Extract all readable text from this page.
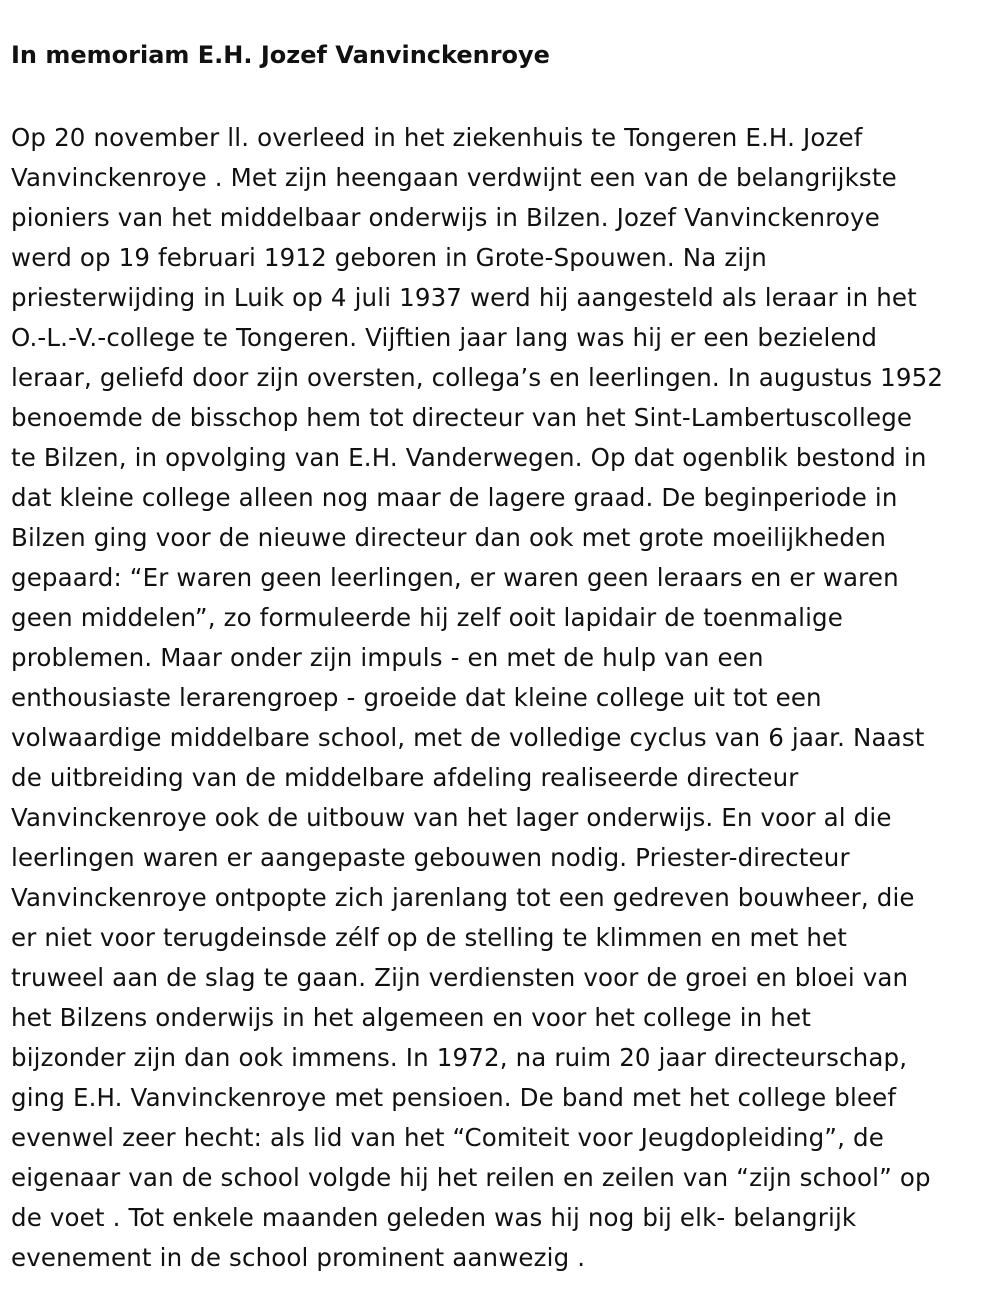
In memoriam E.H. Jozef Vanvinckenroye
Op 20 november ll. overleed in het ziekenhuis te Tongeren E.H. Jozef
Vanvinckenroye . Met zijn heengaan verdwijnt een van de belangrijkste
pioniers van het middelbaar onderwijs in Bilzen. Jozef Vanvinckenroye
werd op 19 februari 1912 geboren in Grote-Spouwen. Na zijn
priesterwijding in Luik op 4 juli 1937 werd hij aangesteld als leraar in het
O.-L.-V.-college te Tongeren. Vijftien jaar lang was hij er een bezielend
leraar, geliefd door zijn oversten, collega’s en leerlingen. In augustus 1952
benoemde de bisschop hem tot directeur van het Sint-Lambertuscollege
te Bilzen, in opvolging van E.H. Vanderwegen. Op dat ogenblik bestond in
dat kleine college alleen nog maar de lagere graad. De beginperiode in
Bilzen ging voor de nieuwe directeur dan ook met grote moeilijkheden
gepaard: “Er waren geen leerlingen, er waren geen leraars en er waren
geen middelen”, zo formuleerde hij zelf ooit lapidair de toenmalige
problemen. Maar onder zijn impuls - en met de hulp van een
enthousiaste lerarengroep - groeide dat kleine college uit tot een
volwaardige middelbare school, met de volledige cyclus van 6 jaar. Naast
de uitbreiding van de middelbare afdeling realiseerde directeur
Vanvinckenroye ook de uitbouw van het lager onderwijs. En voor al die
leerlingen waren er aangepaste gebouwen nodig. Priester-directeur
Vanvinckenroye ontpopte zich jarenlang tot een gedreven bouwheer, die
er niet voor terugdeinsde zélf op de stelling te klimmen en met het
truweel aan de slag te gaan. Zijn verdiensten voor de groei en bloei van
het Bilzens onderwijs in het algemeen en voor het college in het
bijzonder zijn dan ook immens. In 1972, na ruim 20 jaar directeurschap,
ging E.H. Vanvinckenroye met pensioen. De band met het college bleef
evenwel zeer hecht: als lid van het “Comiteit voor Jeugdopleiding”, de
eigenaar van de school volgde hij het reilen en zeilen van “zijn school” op
de voet . Tot enkele maanden geleden was hij nog bij elk- belangrijk
evenement in de school prominent aanwezig .
